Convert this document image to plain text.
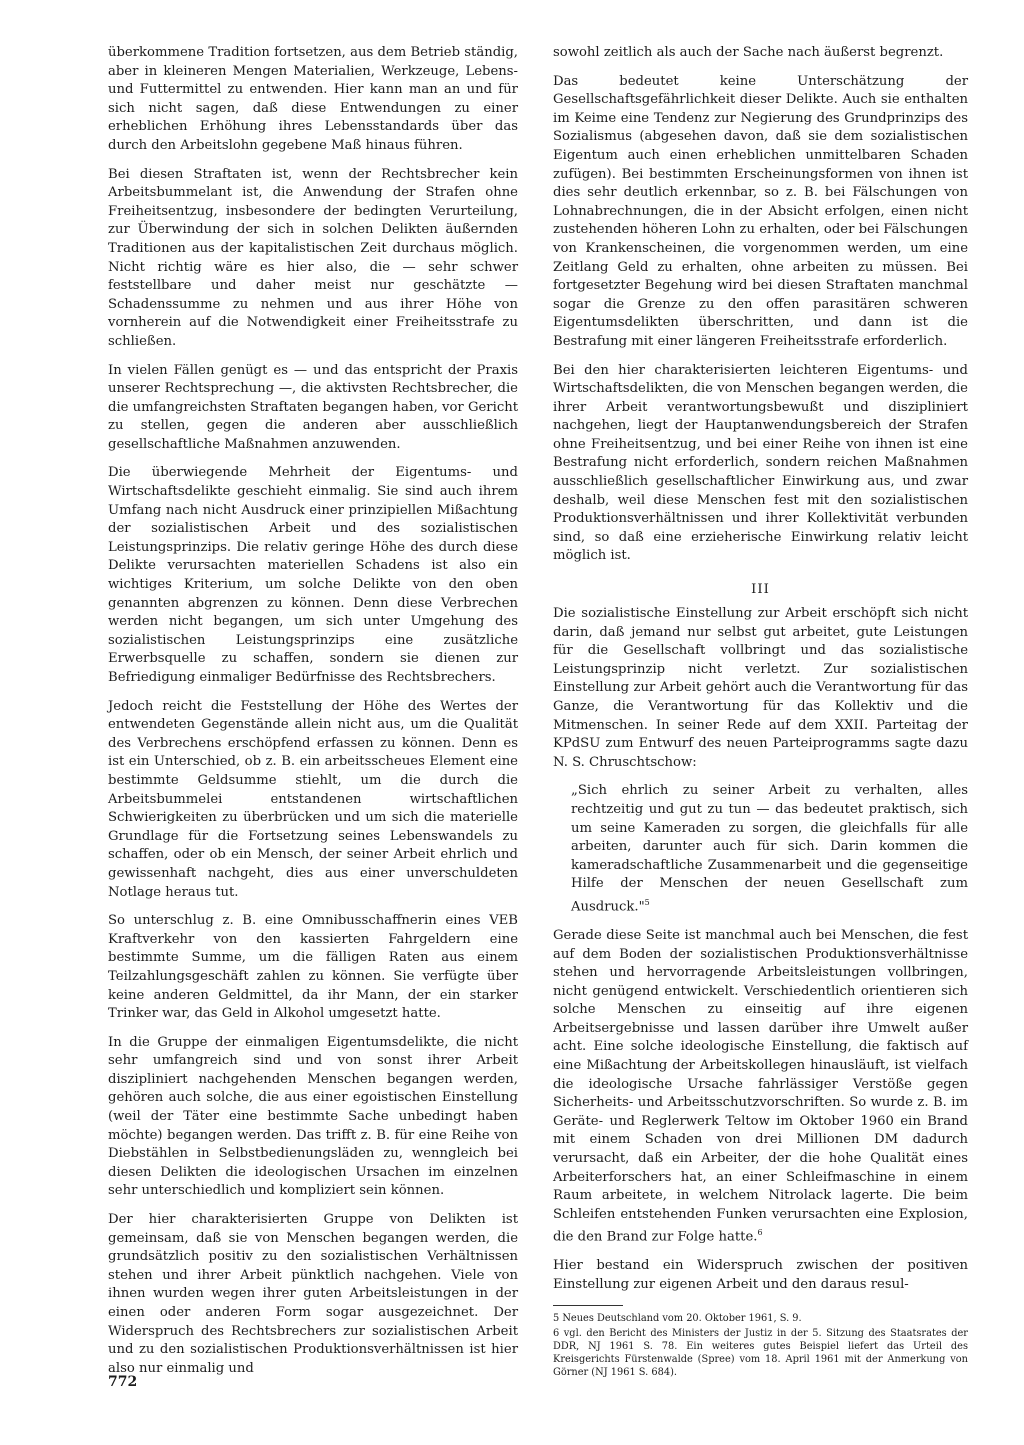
überkommene Tradition fortsetzen, aus dem Betrieb ständig, aber in kleineren Mengen Materialien, Werkzeuge, Lebens- und Futtermittel zu entwenden. Hier kann man an und für sich nicht sagen, daß diese Entwendungen zu einer erheblichen Erhöhung ihres Lebensstandards über das durch den Arbeitslohn gegebene Maß hinaus führen.

Bei diesen Straftaten ist, wenn der Rechtsbrecher kein Arbeitsbummelant ist, die Anwendung der Strafen ohne Freiheitsentzug, insbesondere der bedingten Verurteilung, zur Überwindung der sich in solchen Delikten äußernden Traditionen aus der kapitalistischen Zeit durchaus möglich. Nicht richtig wäre es hier also, die — sehr schwer feststellbare und daher meist nur geschätzte — Schadenssumme zu nehmen und aus ihrer Höhe von vornherein auf die Notwendigkeit einer Freiheitsstrafe zu schließen.

In vielen Fällen genügt es — und das entspricht der Praxis unserer Rechtsprechung —, die aktivsten Rechtsbrecher, die die umfangreichsten Straftaten begangen haben, vor Gericht zu stellen, gegen die anderen aber ausschließlich gesellschaftliche Maßnahmen anzuwenden.

Die überwiegende Mehrheit der Eigentums- und Wirtschaftsdelikte geschieht einmalig. Sie sind auch ihrem Umfang nach nicht Ausdruck einer prinzipiellen Mißachtung der sozialistischen Arbeit und des sozialistischen Leistungsprinzips. Die relativ geringe Höhe des durch diese Delikte verursachten materiellen Schadens ist also ein wichtiges Kriterium, um solche Delikte von den oben genannten abgrenzen zu können. Denn diese Verbrechen werden nicht begangen, um sich unter Umgehung des sozialistischen Leistungsprinzips eine zusätzliche Erwerbsquelle zu schaffen, sondern sie dienen zur Befriedigung einmaliger Bedürfnisse des Rechtsbrechers.

Jedoch reicht die Feststellung der Höhe des Wertes der entwendeten Gegenstände allein nicht aus, um die Qualität des Verbrechens erschöpfend erfassen zu können. Denn es ist ein Unterschied, ob z. B. ein arbeitsscheues Element eine bestimmte Geldsumme stiehlt, um die durch die Arbeitsbummelei entstandenen wirtschaftlichen Schwierigkeiten zu überbrücken und um sich die materielle Grundlage für die Fortsetzung seines Lebenswandels zu schaffen, oder ob ein Mensch, der seiner Arbeit ehrlich und gewissenhaft nachgeht, dies aus einer unverschuldeten Notlage heraus tut.

So unterschlug z. B. eine Omnibusschaffnerin eines VEB Kraftverkehr von den kassierten Fahrgeldern eine bestimmte Summe, um die fälligen Raten aus einem Teilzahlungsgeschäft zahlen zu können. Sie verfügte über keine anderen Geldmittel, da ihr Mann, der ein starker Trinker war, das Geld in Alkohol umgesetzt hatte.

In die Gruppe der einmaligen Eigentumsdelikte, die nicht sehr umfangreich sind und von sonst ihrer Arbeit diszipliniert nachgehenden Menschen begangen werden, gehören auch solche, die aus einer egoistischen Einstellung (weil der Täter eine bestimmte Sache unbedingt haben möchte) begangen werden. Das trifft z. B. für eine Reihe von Diebstählen in Selbstbedienungsläden zu, wenngleich bei diesen Delikten die ideologischen Ursachen im einzelnen sehr unterschiedlich und kompliziert sein können.

Der hier charakterisierten Gruppe von Delikten ist gemeinsam, daß sie von Menschen begangen werden, die grundsätzlich positiv zu den sozialistischen Verhältnissen stehen und ihrer Arbeit pünktlich nachgehen. Viele von ihnen wurden wegen ihrer guten Arbeitsleistungen in der einen oder anderen Form sogar ausgezeichnet. Der Widerspruch des Rechtsbrechers zur sozialistischen Arbeit und zu den sozialistischen Produktionsverhältnissen ist hier also nur einmalig und

sowohl zeitlich als auch der Sache nach äußerst begrenzt.

Das bedeutet keine Unterschätzung der Gesellschaftsgefährlichkeit dieser Delikte. Auch sie enthalten im Keime eine Tendenz zur Negierung des Grundprinzips des Sozialismus (abgesehen davon, daß sie dem sozialistischen Eigentum auch einen erheblichen unmittelbaren Schaden zufügen). Bei bestimmten Erscheinungsformen von ihnen ist dies sehr deutlich erkennbar, so z. B. bei Fälschungen von Lohnabrechnungen, die in der Absicht erfolgen, einen nicht zustehenden höheren Lohn zu erhalten, oder bei Fälschungen von Krankenscheinen, die vorgenommen werden, um eine Zeitlang Geld zu erhalten, ohne arbeiten zu müssen. Bei fortgesetzter Begehung wird bei diesen Straftaten manchmal sogar die Grenze zu den offen parasitären schweren Eigentumsdelikten überschritten, und dann ist die Bestrafung mit einer längeren Freiheitsstrafe erforderlich.

Bei den hier charakterisierten leichteren Eigentums- und Wirtschaftsdelikten, die von Menschen begangen werden, die ihrer Arbeit verantwortungsbewußt und diszipliniert nachgehen, liegt der Hauptanwendungsbereich der Strafen ohne Freiheitsentzug, und bei einer Reihe von ihnen ist eine Bestrafung nicht erforderlich, sondern reichen Maßnahmen ausschließlich gesellschaftlicher Einwirkung aus, und zwar deshalb, weil diese Menschen fest mit den sozialistischen Produktionsverhältnissen und ihrer Kollektivität verbunden sind, so daß eine erzieherische Einwirkung relativ leicht möglich ist.

III

Die sozialistische Einstellung zur Arbeit erschöpft sich nicht darin, daß jemand nur selbst gut arbeitet, gute Leistungen für die Gesellschaft vollbringt und das sozialistische Leistungsprinzip nicht verletzt. Zur sozialistischen Einstellung zur Arbeit gehört auch die Verantwortung für das Ganze, die Verantwortung für das Kollektiv und die Mitmenschen. In seiner Rede auf dem XXII. Parteitag der KPdSU zum Entwurf des neuen Parteiprogramms sagte dazu N. S. Chruschtschow:

„Sich ehrlich zu seiner Arbeit zu verhalten, alles rechtzeitig und gut zu tun — das bedeutet praktisch, sich um seine Kameraden zu sorgen, die gleichfalls für alle arbeiten, darunter auch für sich. Darin kommen die kameradschaftliche Zusammenarbeit und die gegenseitige Hilfe der Menschen der neuen Gesellschaft zum Ausdruck."$^5$

Gerade diese Seite ist manchmal auch bei Menschen, die fest auf dem Boden der sozialistischen Produktionsverhältnisse stehen und hervorragende Arbeitsleistungen vollbringen, nicht genügend entwickelt. Verschiedentlich orientieren sich solche Menschen zu einseitig auf ihre eigenen Arbeitsergebnisse und lassen darüber ihre Umwelt außer acht. Eine solche ideologische Einstellung, die faktisch auf eine Mißachtung der Arbeitskollegen hinausläuft, ist vielfach die ideologische Ursache fahrlässiger Verstöße gegen Sicherheits- und Arbeitsschutzvorschriften. So wurde z. B. im Geräte- und Reglerwerk Teltow im Oktober 1960 ein Brand mit einem Schaden von drei Millionen DM dadurch verursacht, daß ein Arbeiter, der die hohe Qualität eines Arbeiterforschers hat, an einer Schleifmaschine in einem Raum arbeitete, in welchem Nitrolack lagerte. Die beim Schleifen entstehenden Funken verursachten eine Explosion, die den Brand zur Folge hatte.$^6$

Hier bestand ein Widerspruch zwischen der positiven Einstellung zur eigenen Arbeit und den daraus resul-

5 Neues Deutschland vom 20. Oktober 1961, S. 9.

6 vgl. den Bericht des Ministers der Justiz in der 5. Sitzung des Staatsrates der DDR, NJ 1961 S. 78. Ein weiteres gutes Beispiel liefert das Urteil des Kreisgerichts Fürstenwalde (Spree) vom 18. April 1961 mit der Anmerkung von Görner (NJ 1961 S. 684).

772
